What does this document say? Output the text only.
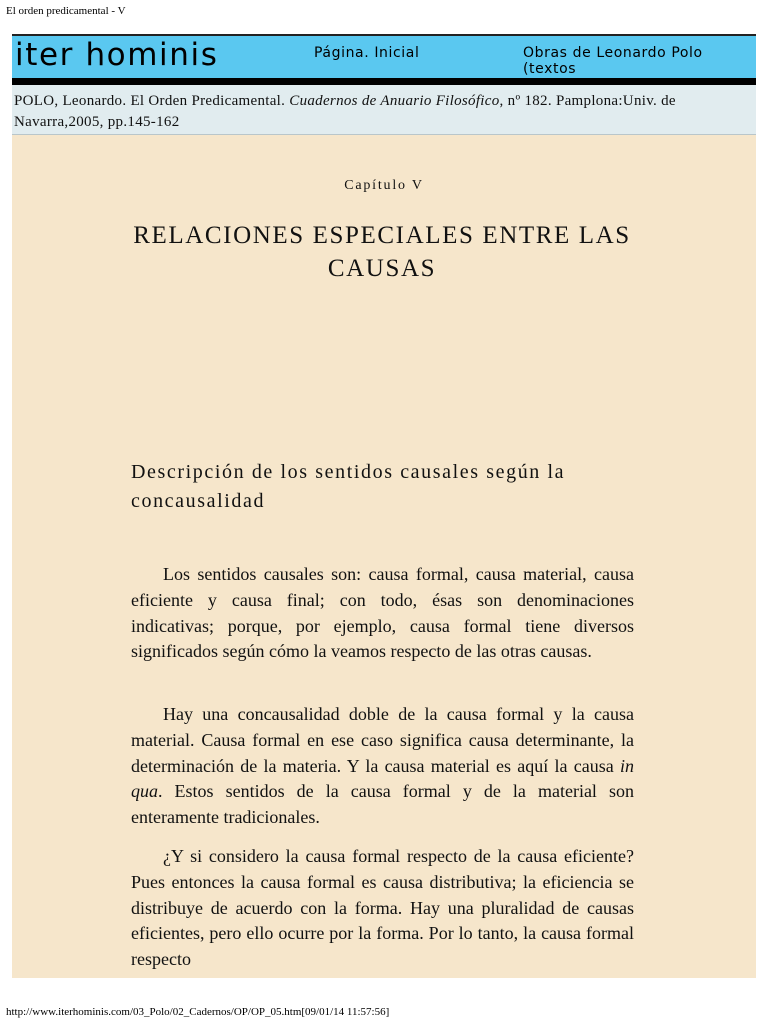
El orden predicamental - V
iter hominis	Página. Inicial	Obras de Leonardo Polo (textos
POLO, Leonardo. El Orden Predicamental. Cuadernos de Anuario Filosófico, nº 182. Pamplona:Univ. de Navarra,2005, pp.145-162
Capítulo V
RELACIONES ESPECIALES ENTRE LAS CAUSAS
Descripción de los sentidos causales según la concausalidad

Los sentidos causales son: causa formal, causa material, causa eficiente y causa final; con todo, ésas son denominaciones indicativas; porque, por ejemplo, causa formal tiene diversos significados según cómo la veamos respecto de las otras causas.

Hay una concausalidad doble de la causa formal y la causa material. Causa formal en ese caso significa causa determinante, la determinación de la materia. Y la causa material es aquí la causa in qua. Estos sentidos de la causa formal y de la material son enteramente tradicionales.

¿Y si considero la causa formal respecto de la causa eficiente? Pues entonces la causa formal es causa distributiva; la eficiencia se distribuye de acuerdo con la forma. Hay una pluralidad de causas eficientes, pero ello ocurre por la forma. Por lo tanto, la causa formal respecto

http://www.iterhominis.com/03_Polo/02_Cadernos/OP/OP_05.htm[09/01/14 11:57:56]
